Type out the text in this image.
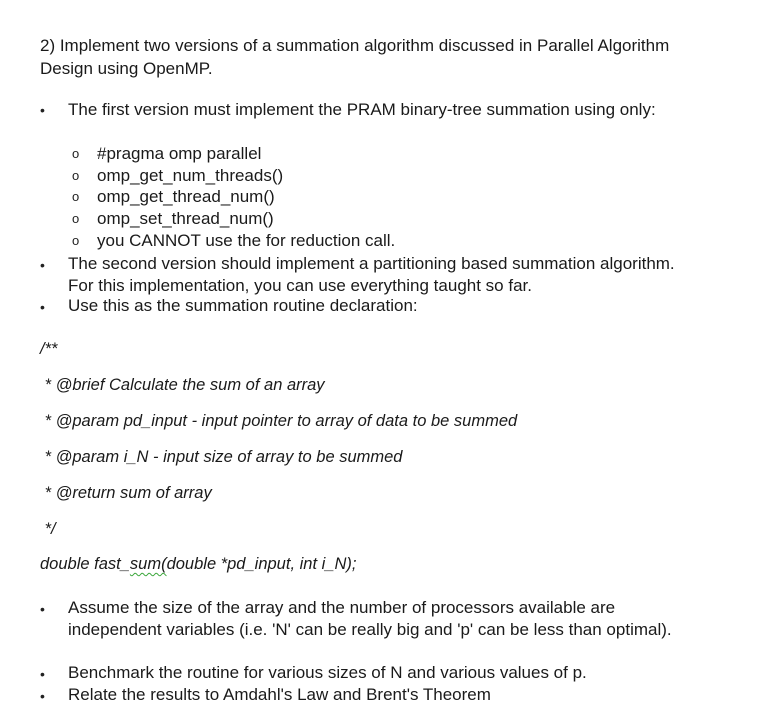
2) Implement two versions of a summation algorithm discussed in Parallel Algorithm Design using OpenMP.
• The first version must implement the PRAM binary-tree summation using only:
o #pragma omp parallel
o omp_get_num_threads()
o omp_get_thread_num()
o omp_set_thread_num()
o you CANNOT use the for reduction call.
• The second version should implement a partitioning based summation algorithm. For this implementation, you can use everything taught so far.
• Use this as the summation routine declaration:
/**
* @brief Calculate the sum of an array
* @param pd_input - input pointer to array of data to be summed
* @param i_N - input size of array to be summed
* @return sum of array
*/
double fast_sum(double *pd_input, int i_N);
• Assume the size of the array and the number of processors available are independent variables (i.e. 'N' can be really big and 'p' can be less than optimal).
• Benchmark the routine for various sizes of N and various values of p.
• Relate the results to Amdahl's Law and Brent's Theorem
